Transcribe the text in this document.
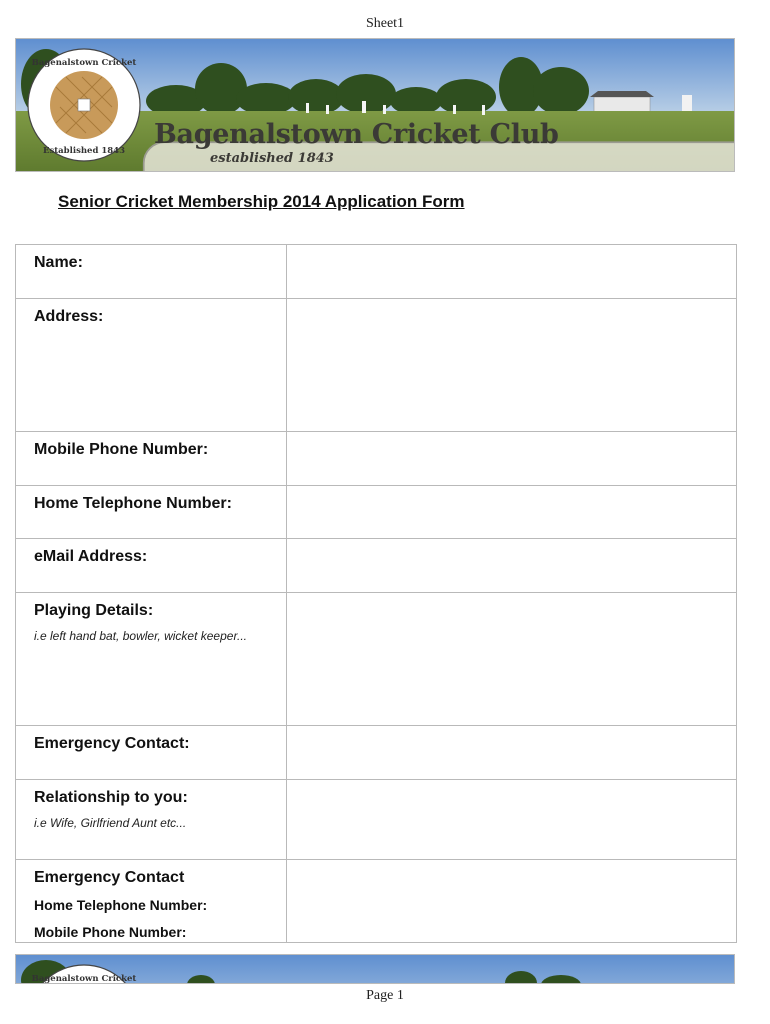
Sheet1
Bagenalstown Cricket
Established 1843
Bagenalstown Cricket Club
established 1843
Senior Cricket Membership 2014 Application Form
Name:	

Address:	

Mobile Phone Number:	

Home Telephone Number:	

eMail Address:	

Playing Details:
i.e left hand bat, bowler, wicket keeper...	

Emergency Contact:	

Relationship to you:
i.e Wife, Girlfriend Aunt etc...	

Emergency Contact
Home Telephone Number:
Mobile Phone Number:	

Bagenalstown Cricket
Page 1
